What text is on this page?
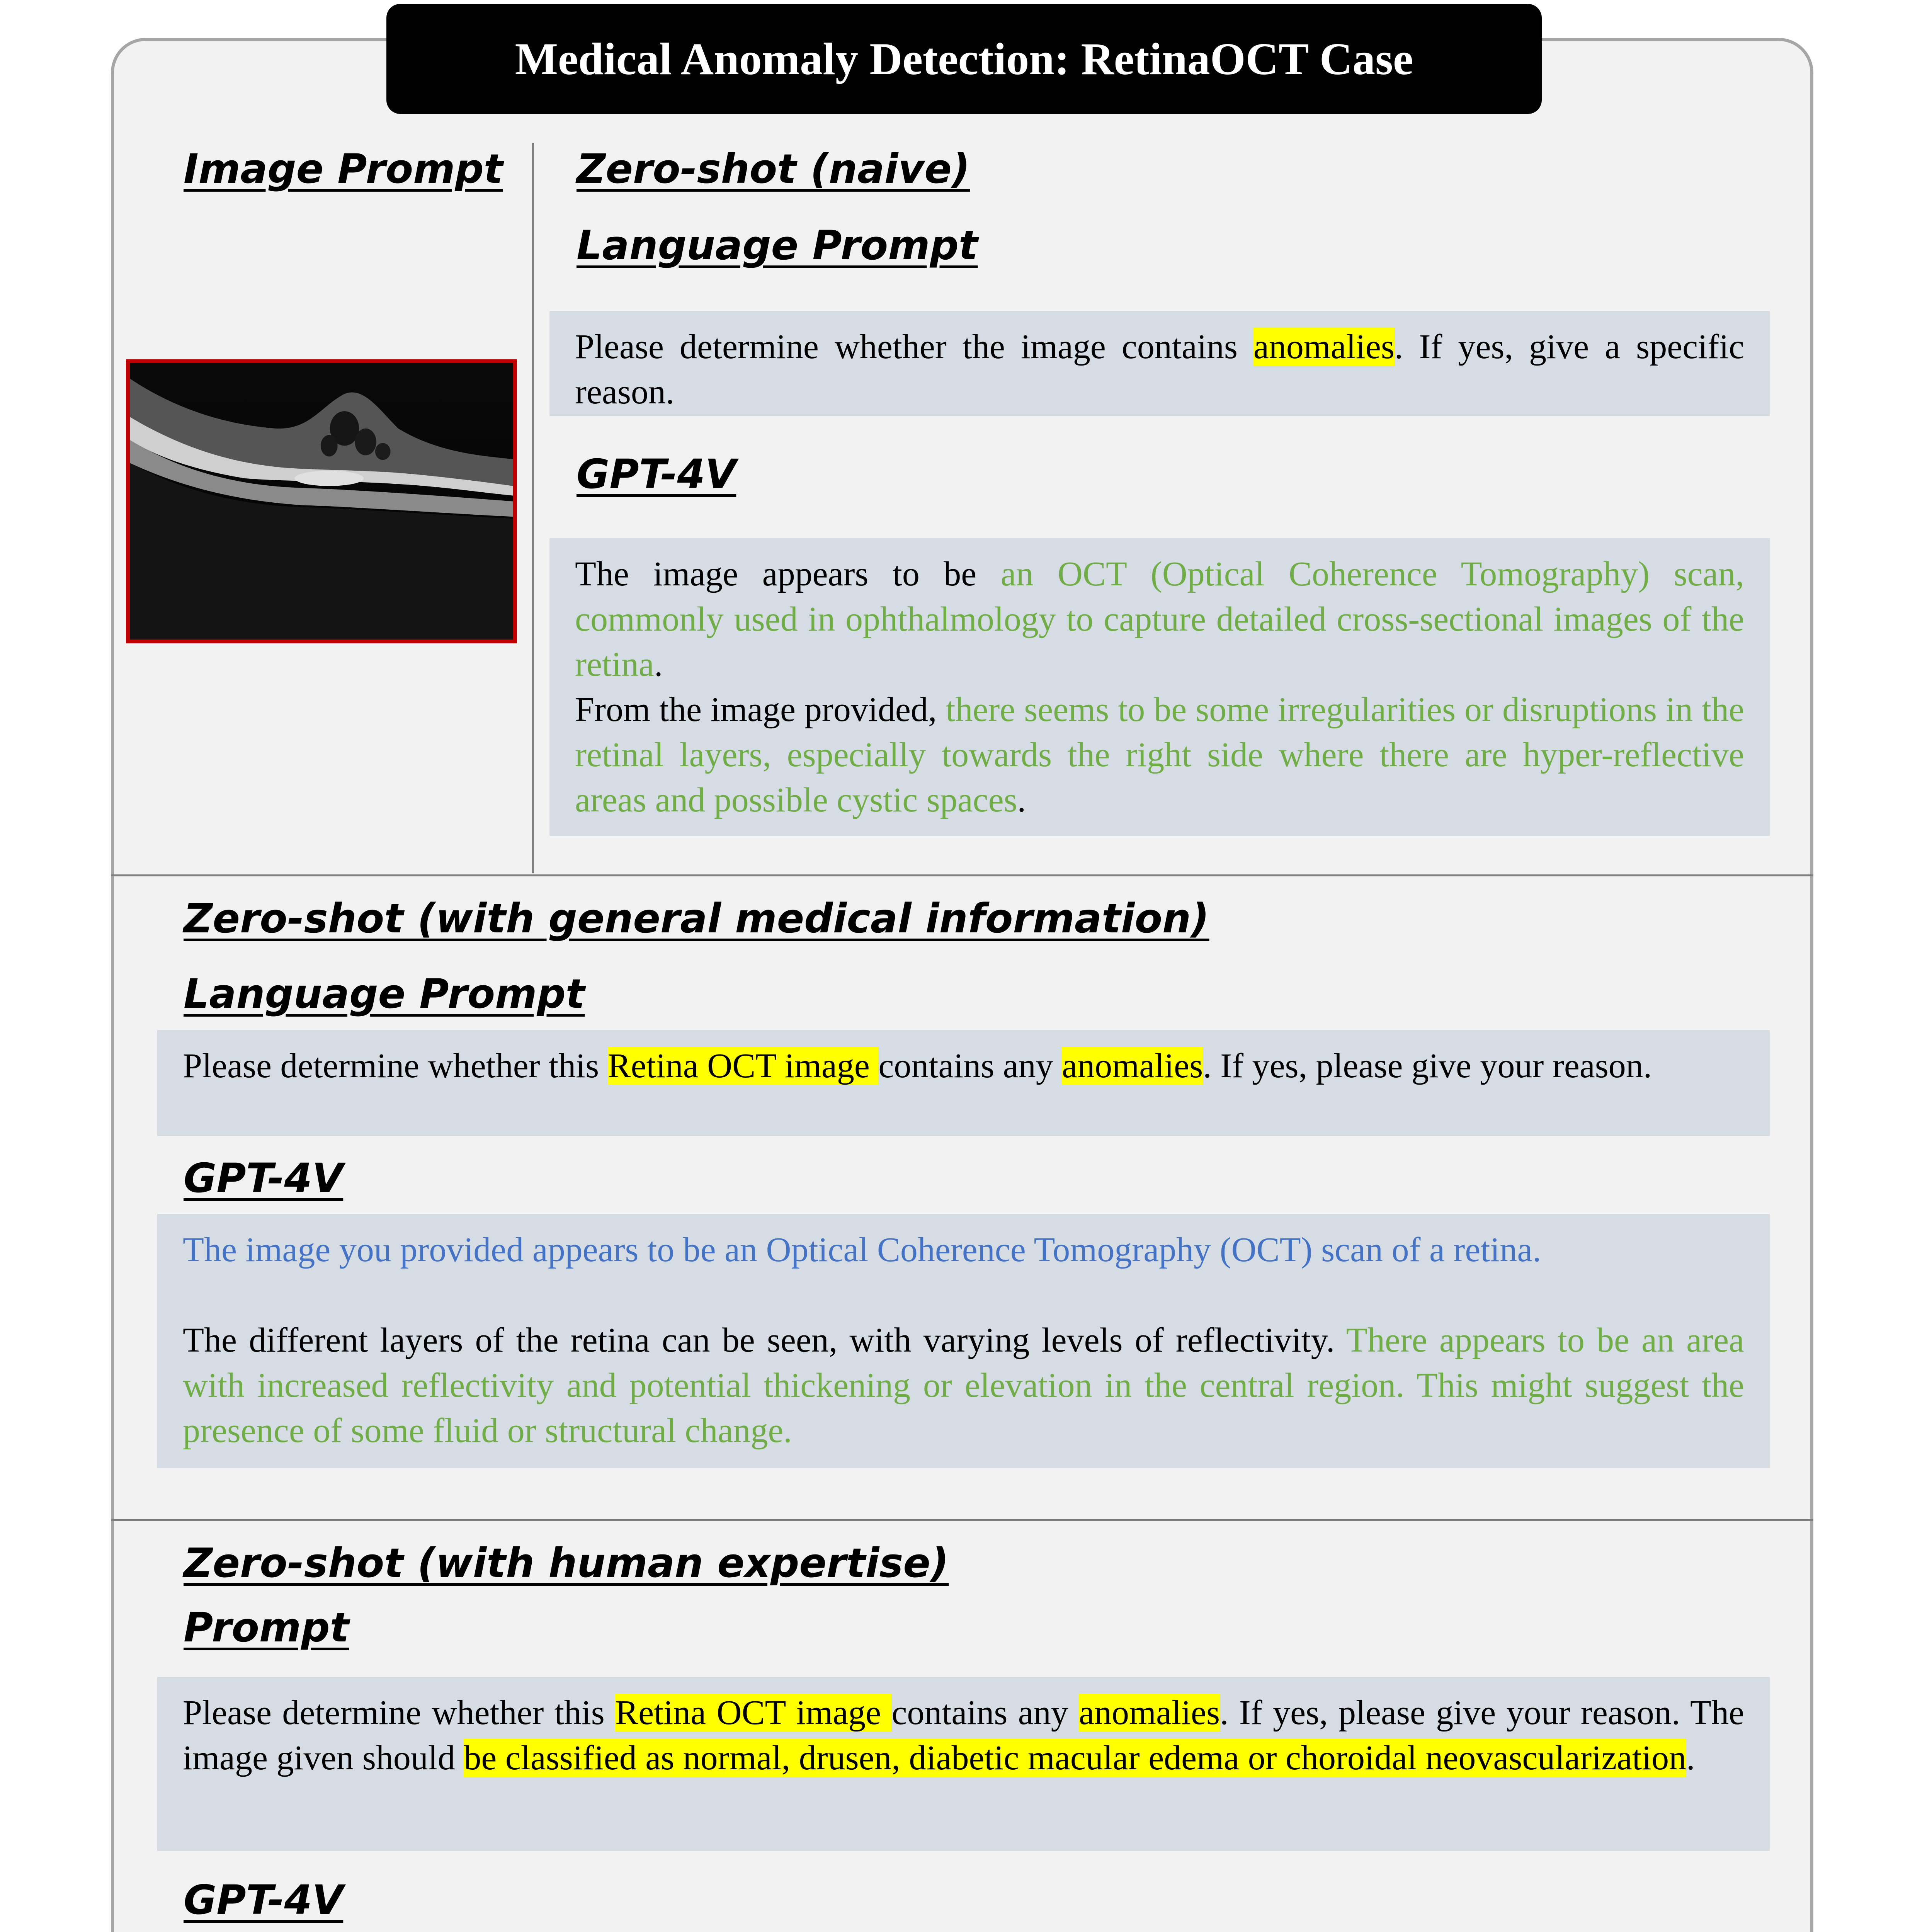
Medical Anomaly Detection: RetinaOCT Case
Image Prompt Zero-shot (naive)
Language Prompt

Please determine whether the image contains anomalies. If yes, give a specific reason.

GPT-4V

The image appears to be an OCT (Optical Coherence Tomography) scan, commonly used in ophthalmology to capture detailed cross-sectional images of the retina.

From the image provided, there seems to be some irregularities or disruptions in the retinal layers, especially towards the right side where there are hyper-reflective areas and possible cystic spaces.

Zero-shot (with general medical information)
Language Prompt

Please determine whether this Retina OCT image contains any anomalies. If yes, please give your reason.

GPT-4V

The image you provided appears to be an Optical Coherence Tomography (OCT) scan of a retina.

The different layers of the retina can be seen, with varying levels of reflectivity. There appears to be an area with increased reflectivity and potential thickening or elevation in the central region. This might suggest the presence of some fluid or structural change.

Zero-shot (with human expertise)
Prompt

Please determine whether this Retina OCT image contains any anomalies. If yes, please give your reason. The image given should be classified as normal, drusen, diabetic macular edema or choroidal neovascularization.

GPT-4V
